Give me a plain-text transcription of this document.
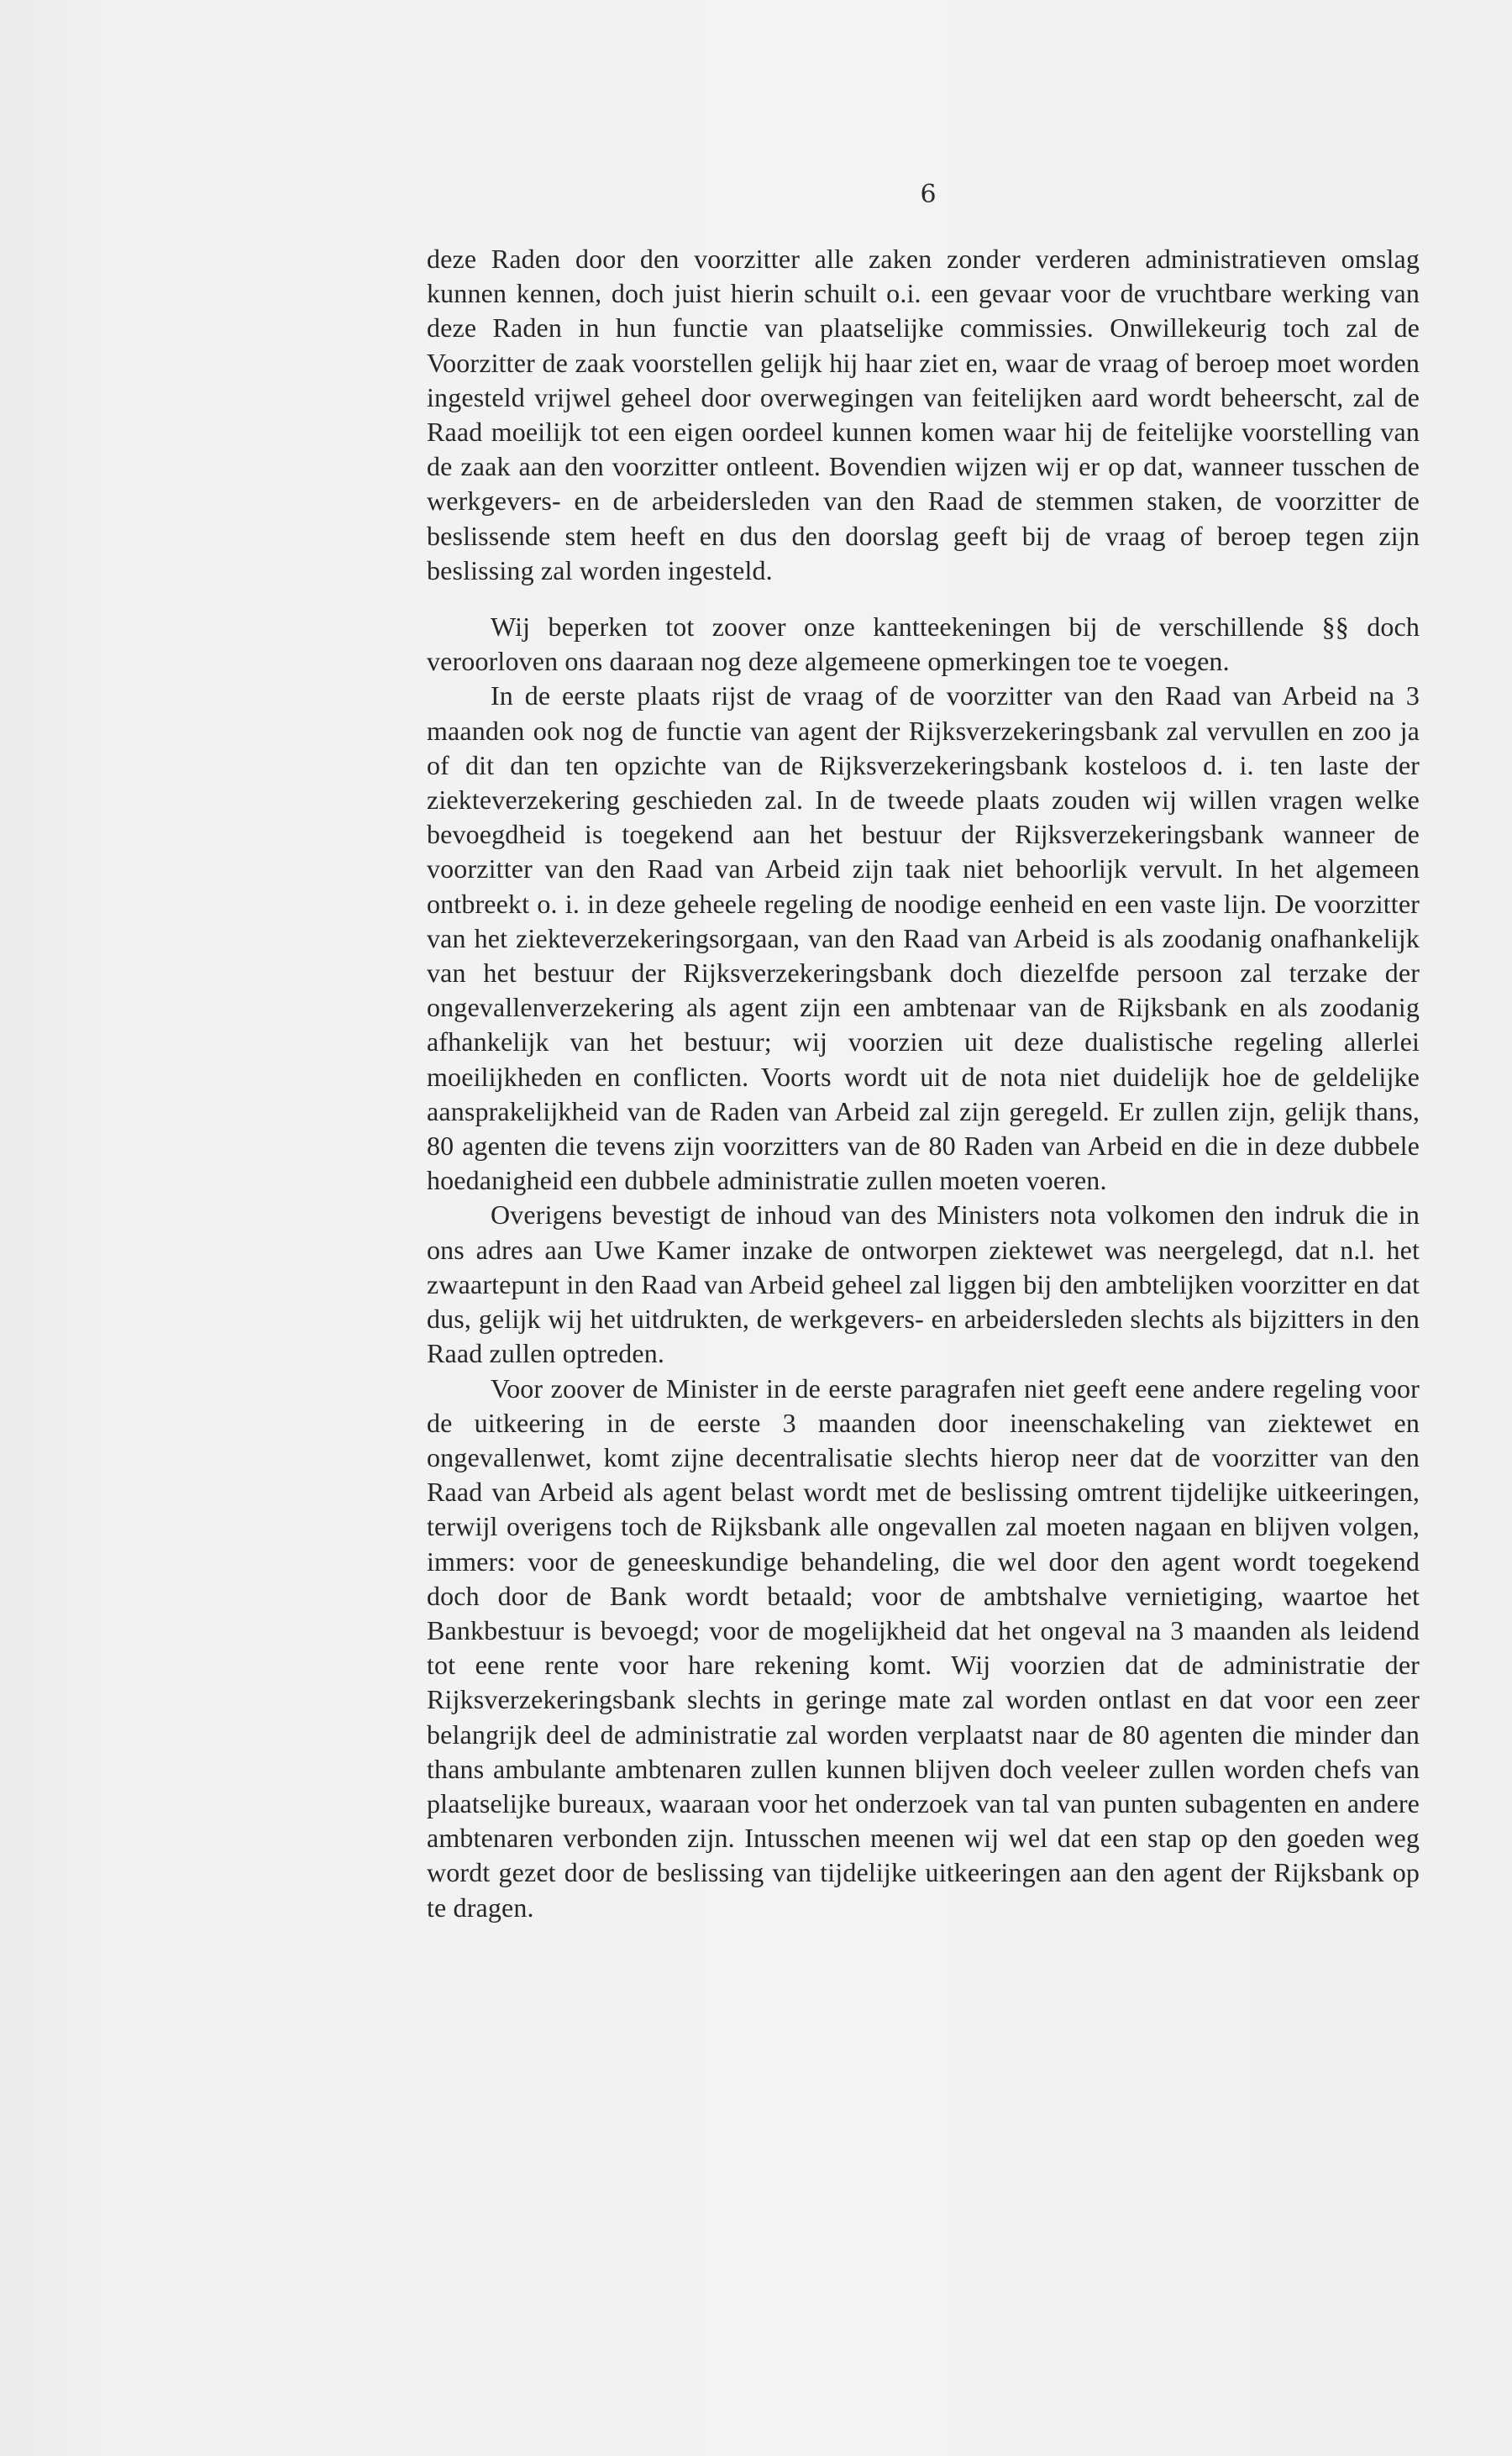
6

deze Raden door den voorzitter alle zaken zonder verderen administratieven omslag kunnen kennen, doch juist hierin schuilt o.i. een gevaar voor de vruchtbare werking van deze Raden in hun functie van plaatselijke commissies. Onwillekeurig toch zal de Voorzitter de zaak voorstellen gelijk hij haar ziet en, waar de vraag of beroep moet worden ingesteld vrijwel geheel door overwegingen van feitelijken aard wordt beheerscht, zal de Raad moeilijk tot een eigen oordeel kunnen komen waar hij de feitelijke voorstelling van de zaak aan den voorzitter ontleent. Bovendien wijzen wij er op dat, wanneer tusschen de werkgevers- en de arbeidersleden van den Raad de stemmen staken, de voorzitter de beslissende stem heeft en dus den doorslag geeft bij de vraag of beroep tegen zijn beslissing zal worden ingesteld.

Wij beperken tot zoover onze kantteekeningen bij de verschillende §§ doch veroorloven ons daaraan nog deze algemeene opmerkingen toe te voegen.

In de eerste plaats rijst de vraag of de voorzitter van den Raad van Arbeid na 3 maanden ook nog de functie van agent der Rijksverzekeringsbank zal vervullen en zoo ja of dit dan ten opzichte van de Rijksverzekeringsbank kosteloos d. i. ten laste der ziekteverzekering geschieden zal. In de tweede plaats zouden wij willen vragen welke bevoegdheid is toegekend aan het bestuur der Rijksverzekeringsbank wanneer de voorzitter van den Raad van Arbeid zijn taak niet behoorlijk vervult. In het algemeen ontbreekt o. i. in deze geheele regeling de noodige eenheid en een vaste lijn. De voorzitter van het ziekteverzekeringsorgaan, van den Raad van Arbeid is als zoodanig onafhankelijk van het bestuur der Rijksverzekeringsbank doch diezelfde persoon zal terzake der ongevallenverzekering als agent zijn een ambtenaar van de Rijksbank en als zoodanig afhankelijk van het bestuur; wij voorzien uit deze dualistische regeling allerlei moeilijkheden en conflicten. Voorts wordt uit de nota niet duidelijk hoe de geldelijke aansprakelijkheid van de Raden van Arbeid zal zijn geregeld. Er zullen zijn, gelijk thans, 80 agenten die tevens zijn voorzitters van de 80 Raden van Arbeid en die in deze dubbele hoedanigheid een dubbele administratie zullen moeten voeren.

Overigens bevestigt de inhoud van des Ministers nota volkomen den indruk die in ons adres aan Uwe Kamer inzake de ontworpen ziektewet was neergelegd, dat n.l. het zwaartepunt in den Raad van Arbeid geheel zal liggen bij den ambtelijken voorzitter en dat dus, gelijk wij het uitdrukten, de werkgevers- en arbeidersleden slechts als bijzitters in den Raad zullen optreden.

Voor zoover de Minister in de eerste paragrafen niet geeft eene andere regeling voor de uitkeering in de eerste 3 maanden door ineenschakeling van ziektewet en ongevallenwet, komt zijne decentralisatie slechts hierop neer dat de voorzitter van den Raad van Arbeid als agent belast wordt met de beslissing omtrent tijdelijke uitkeeringen, terwijl overigens toch de Rijksbank alle ongevallen zal moeten nagaan en blijven volgen, immers: voor de geneeskundige behandeling, die wel door den agent wordt toegekend doch door de Bank wordt betaald; voor de ambtshalve vernietiging, waartoe het Bankbestuur is bevoegd; voor de mogelijkheid dat het ongeval na 3 maanden als leidend tot eene rente voor hare rekening komt. Wij voorzien dat de administratie der Rijksverzekeringsbank slechts in geringe mate zal worden ontlast en dat voor een zeer belangrijk deel de administratie zal worden verplaatst naar de 80 agenten die minder dan thans ambulante ambtenaren zullen kunnen blijven doch veeleer zullen worden chefs van plaatselijke bureaux, waaraan voor het onderzoek van tal van punten subagenten en andere ambtenaren verbonden zijn. Intusschen meenen wij wel dat een stap op den goeden weg wordt gezet door de beslissing van tijdelijke uitkeeringen aan den agent der Rijksbank op te dragen.
